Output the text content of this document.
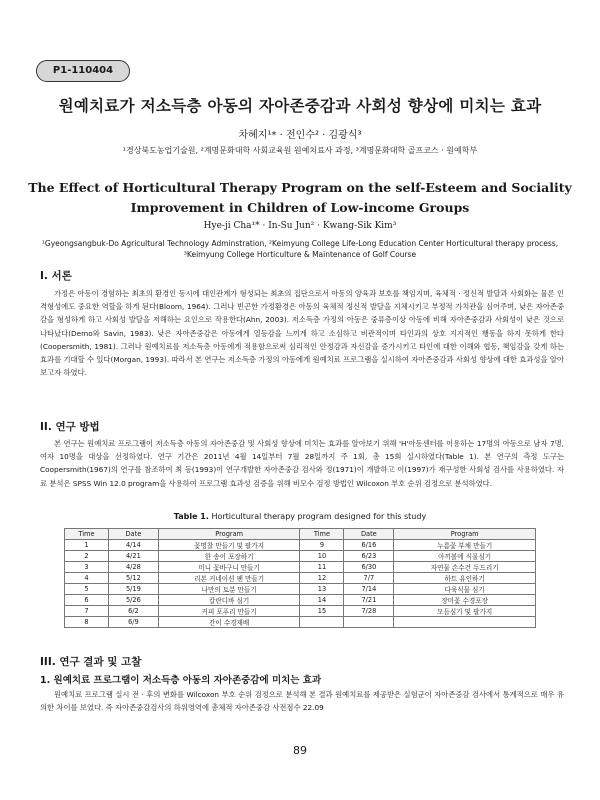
P1-110404
원예치료가 저소득층 아동의 자아존중감과 사회성 향상에 미치는 효과
차혜지¹* · 전인수² · 김광식³
¹경상북도농업기술원, ²계명문화대학 사회교육원 원예치료사 과정, ³계명문화대학 골프코스 · 원예학부
The Effect of Horticultural Therapy Program on the self-Esteem and Sociality Improvement in Children of Low-income Groups
Hye-ji Cha¹* · In-Su Jun² · Kwang-Sik Kim³
¹Gyeongsangbuk-Do Agricultural Technology Adminstration, ²Keimyung College Life-Long Education Center Horticultural therapy process, ³Keimyung College Horticulture & Maintenance of Golf Course
I. 서론

가정은 아동이 경험하는 최초의 환경인 동시에 대인관계가 형성되는 최초의 집단으로서 아동의 양육과 보호를 책임지며, 육체적 · 정신적 발달과 사회화는 물론 인격형성에도 중요한 역할을 하게 된다(Bloom, 1964). 그러나 빈곤한 가정환경은 아동의 육체적 정신적 발달을 지체시키고 부정적 가치관을 심어주며, 낮은 자아존중감을 형성하게 하고 사회성 발달을 저해하는 요인으로 작용한다(Ahn, 2003). 저소득층 가정의 아동은 중류층이상 아동에 비해 자아존중감과 사회성이 낮은 것으로 나타났다(Demo와 Savin, 1983). 낮은 자아존중감은 아동에게 열등감을 느끼게 하고 소심하고 비관적이며 타인과의 상호 지지적인 행동을 하지 못하게 한다(Coopersmith, 1981). 그러나 원예치료를 저소득층 아동에게 적용함으로써 심리적인 안정감과 자신감을 증가시키고 타인에 대한 이해와 협동, 책임감을 갖게 하는 효과를 기대할 수 있다(Morgan, 1993). 따라서 본 연구는 저소득층 가정의 아동에게 원예치료 프로그램을 실시하여 자아존중감과 사회성 향상에 대한 효과성을 알아보고자 하였다.

II. 연구 방법

본 연구는 원예치료 프로그램이 저소득층 아동의 자아존중감 및 사회성 향상에 미치는 효과를 알아보기 위해 'H'아동센터를 이용하는 17명의 아동으로 남자 7명, 여자 10명을 대상을 선정하였다. 연구 기간은 2011년 4월 14일부터 7월 28일까지 주 1회, 총 15회 실시하였다(Table 1). 본 연구의 측정 도구는 Coopersmith(1967)의 연구를 참조하여 최 등(1993)이 연구개발한 자아존중감 검사와 정(1971)이 개발하고 이(1997)가 재구성한 사회성 검사를 사용하였다. 자료 분석은 SPSS Win 12.0 program을 사용하여 프로그램 효과성 검증을 위해 비모수 검정 방법인 Wilcoxon 부호 순위 검정으로 분석하였다.

Table 1. Horticultural therapy program designed for this study
Time	Date	Program	Time	Date	Program
1	4/14	꽃명찰 만들기 및 팔가지	9	6/16	누름꽃 부채 만들기
2	4/21	한 송이 포장하기	10	6/23	아끼볼에 식물심기
3	4/28	미니 꽃바구니 만들기	11	6/30	자연물 손수건 두드리기
4	5/12	리본 커네이션 팬 만들기	12	7/7	하트 유인하기
5	5/19	나만의 토분 만들기	13	7/14	다육식물 심기
6	5/26	칼란디바 심기	14	7/21	장미꽃 수경포장
7	6/2	커피 포푸리 만들기	15	7/28	모듬심기 및 팔가지
8	6/9	간이 수경재배			
III. 연구 결과 및 고찰
1. 원예치료 프로그램이 저소득층 아동의 자아존중감에 미치는 효과

원예치료 프로그램 실시 전 · 후의 변화를 Wilcoxon 부호 순위 검정으로 분석해 본 결과 원예치료를 제공받은 실험군이 자아존중감 검사에서 통계적으로 매우 유의한 차이를 보였다. 즉 자아존중감검사의 하위영역에 총체적 자아존중감 사전점수 22.09

89
